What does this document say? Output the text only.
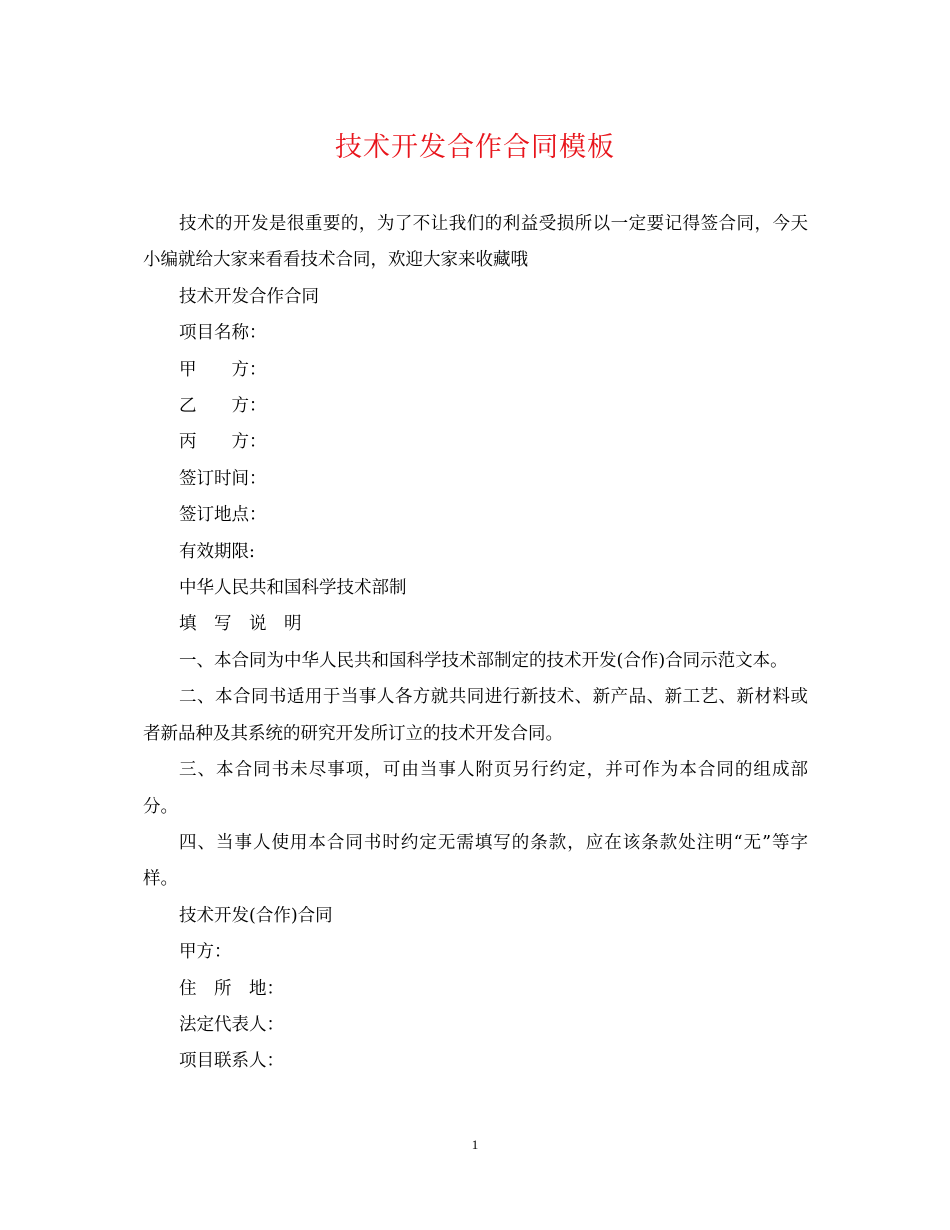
技术开发合作合同模板

技术的开发是很重要的，为了不让我们的利益受损所以一定要记得签合同，今天小编就给大家来看看技术合同，欢迎大家来收藏哦

技术开发合作合同

项目名称：

甲　　方：

乙　　方：

丙　　方：

签订时间：

签订地点：

有效期限:

中华人民共和国科学技术部制

填　写　说　明

一、本合同为中华人民共和国科学技术部制定的技术开发(合作)合同示范文本。

二、本合同书适用于当事人各方就共同进行新技术、新产品、新工艺、新材料或者新品种及其系统的研究开发所订立的技术开发合同。

三、本合同书未尽事项，可由当事人附页另行约定，并可作为本合同的组成部分。

四、当事人使用本合同书时约定无需填写的条款，应在该条款处注明“无”等字样。

技术开发(合作)合同

甲方：

住　所　地：

法定代表人：

项目联系人：

1
